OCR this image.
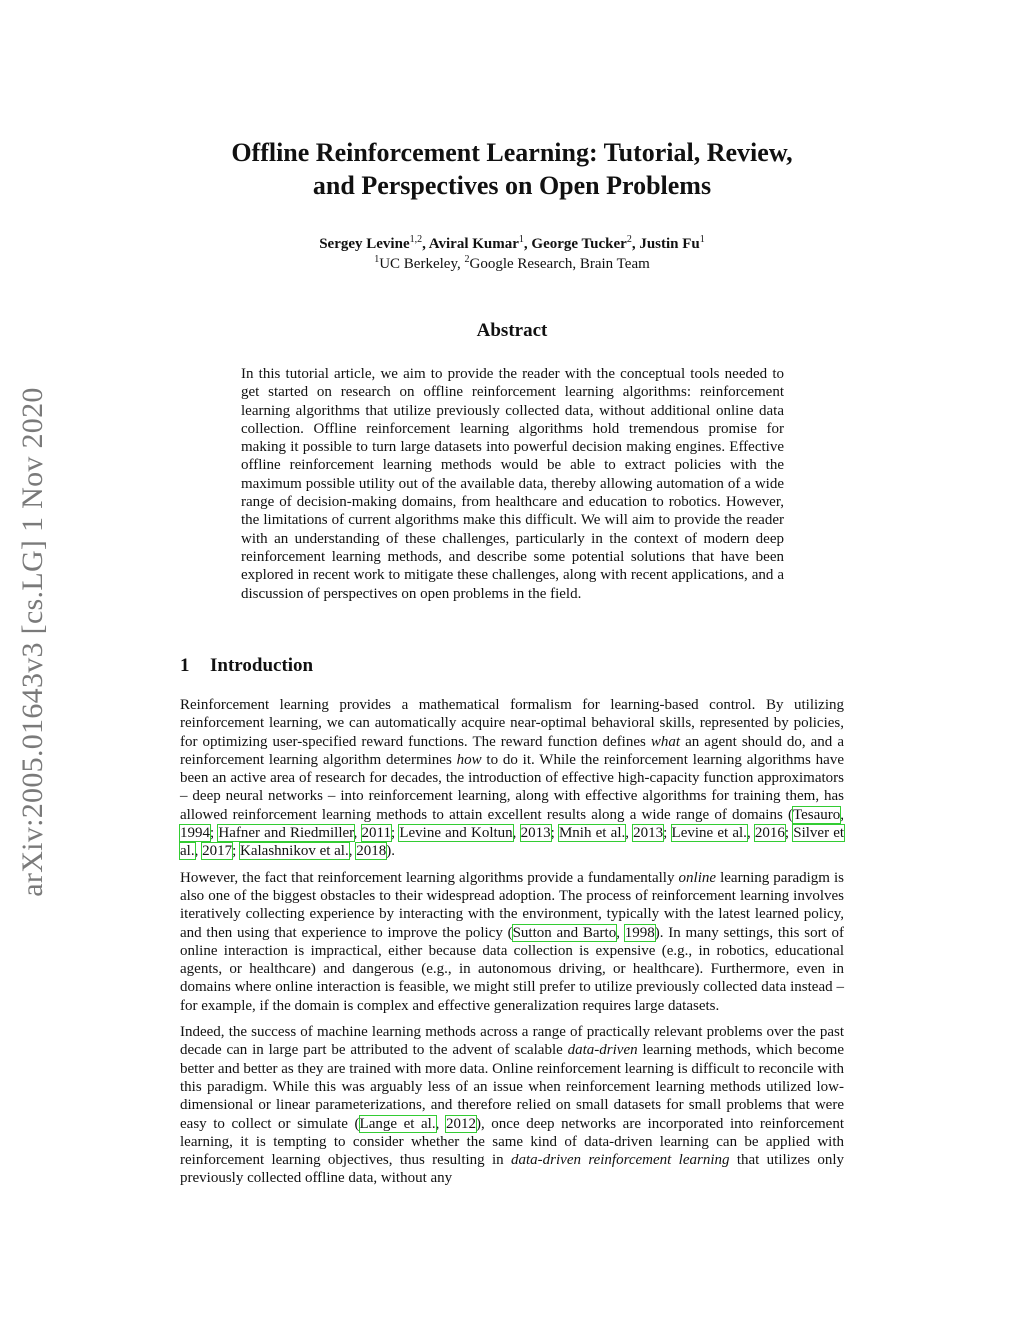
arXiv:2005.01643v3 [cs.LG] 1 Nov 2020
Offline Reinforcement Learning: Tutorial, Review,
and Perspectives on Open Problems
Sergey Levine$^{1,2}$, Aviral Kumar$^1$, George Tucker$^2$, Justin Fu$^1$
$^1$UC Berkeley, $^2$Google Research, Brain Team
Abstract
In this tutorial article, we aim to provide the reader with the conceptual tools needed to get started on research on offline reinforcement learning algorithms: reinforcement learning algorithms that utilize previously collected data, without additional online data collection. Offline reinforcement learning algorithms hold tremendous promise for making it possible to turn large datasets into powerful decision making engines. Effective offline reinforcement learning methods would be able to extract policies with the maximum possible utility out of the available data, thereby allowing automation of a wide range of decision-making domains, from healthcare and education to robotics. However, the limitations of current algorithms make this difficult. We will aim to provide the reader with an understanding of these challenges, particularly in the context of modern deep reinforcement learning methods, and describe some potential solutions that have been explored in recent work to mitigate these challenges, along with recent applications, and a discussion of perspectives on open problems in the field.
1 Introduction

Reinforcement learning provides a mathematical formalism for learning-based control. By utilizing reinforcement learning, we can automatically acquire near-optimal behavioral skills, represented by policies, for optimizing user-specified reward functions. The reward function defines what an agent should do, and a reinforcement learning algorithm determines how to do it. While the reinforcement learning algorithms have been an active area of research for decades, the introduction of effective high-capacity function approximators – deep neural networks – into reinforcement learning, along with effective algorithms for training them, has allowed reinforcement learning methods to attain excellent results along a wide range of domains (Tesauro, 1994; Hafner and Riedmiller, 2011; Levine and Koltun, 2013; Mnih et al., 2013; Levine et al., 2016; Silver et al., 2017; Kalashnikov et al., 2018).

However, the fact that reinforcement learning algorithms provide a fundamentally online learning paradigm is also one of the biggest obstacles to their widespread adoption. The process of reinforcement learning involves iteratively collecting experience by interacting with the environment, typically with the latest learned policy, and then using that experience to improve the policy (Sutton and Barto, 1998). In many settings, this sort of online interaction is impractical, either because data collection is expensive (e.g., in robotics, educational agents, or healthcare) and dangerous (e.g., in autonomous driving, or healthcare). Furthermore, even in domains where online interaction is feasible, we might still prefer to utilize previously collected data instead – for example, if the domain is complex and effective generalization requires large datasets.

Indeed, the success of machine learning methods across a range of practically relevant problems over the past decade can in large part be attributed to the advent of scalable data-driven learning methods, which become better and better as they are trained with more data. Online reinforcement learning is difficult to reconcile with this paradigm. While this was arguably less of an issue when reinforcement learning methods utilized low-dimensional or linear parameterizations, and therefore relied on small datasets for small problems that were easy to collect or simulate (Lange et al., 2012), once deep networks are incorporated into reinforcement learning, it is tempting to consider whether the same kind of data-driven learning can be applied with reinforcement learning objectives, thus resulting in data-driven reinforcement learning that utilizes only previously collected offline data, without any
